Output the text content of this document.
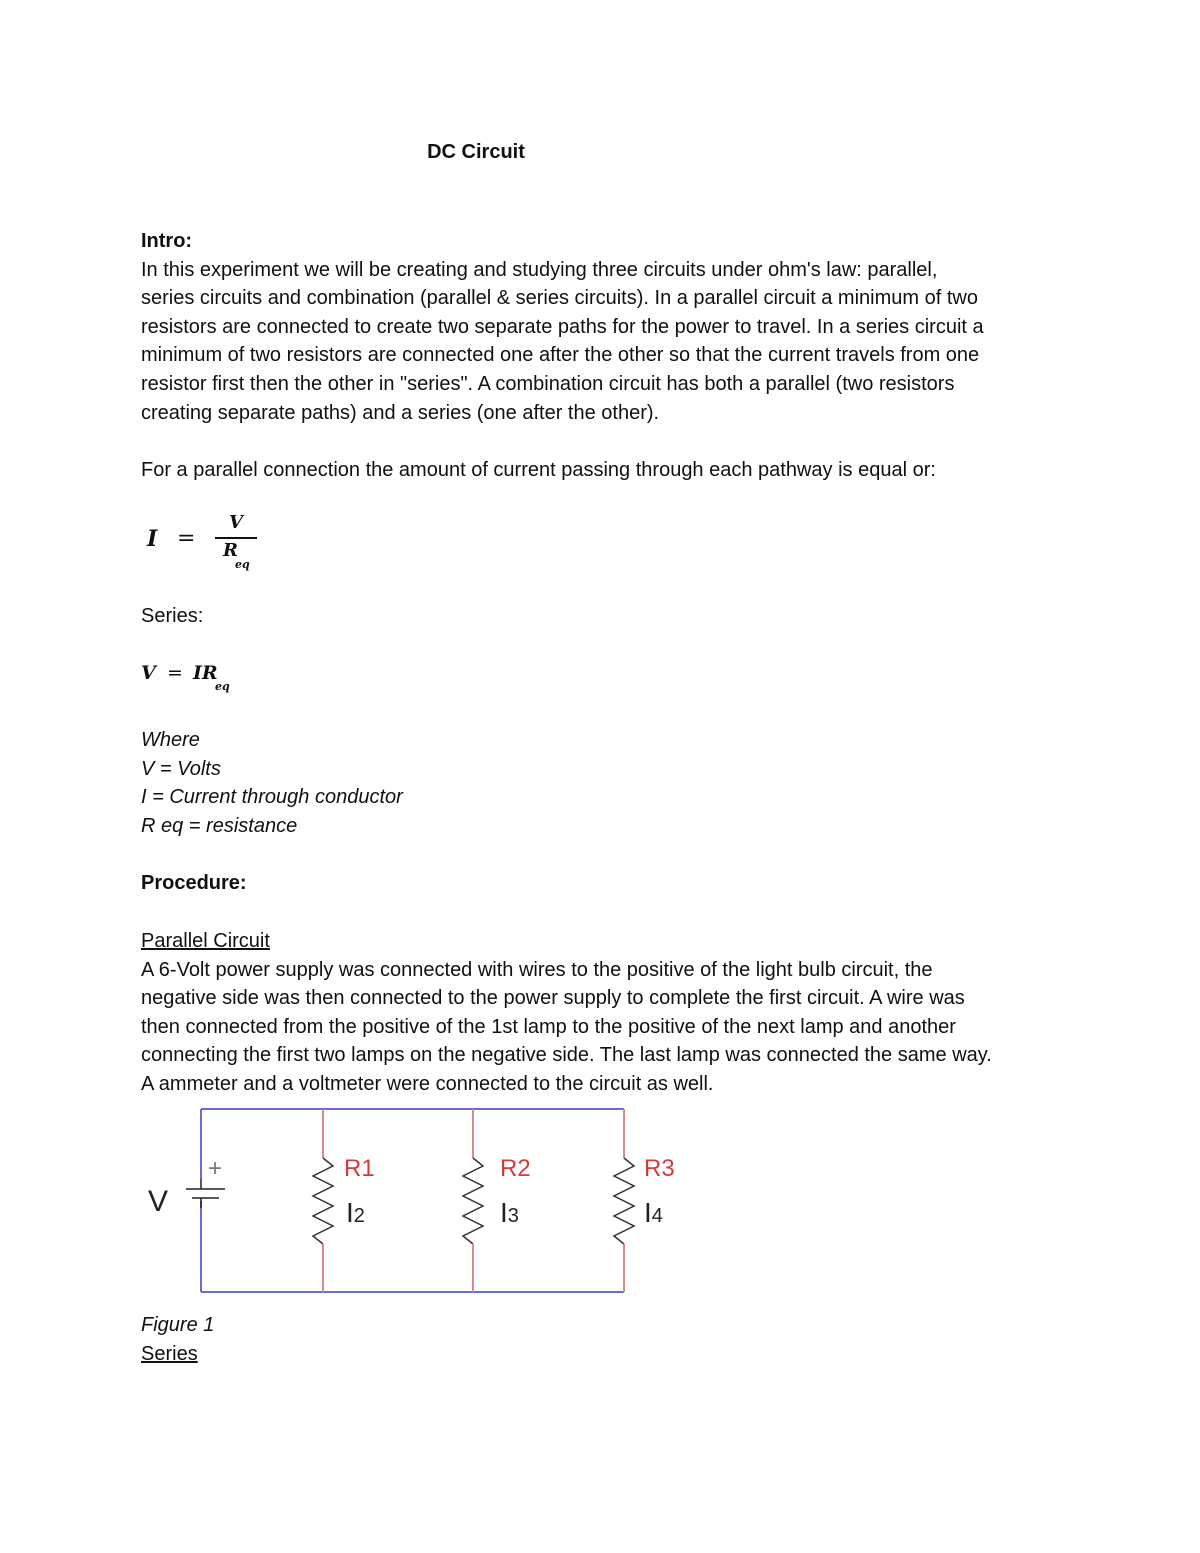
DC Circuit
Intro:
In this experiment we will be creating and studying three circuits under ohm's law: parallel,
series circuits and combination (parallel & series circuits). In a parallel circuit a minimum of two
resistors are connected to create two separate paths for the power to travel. In a series circuit a
minimum of two resistors are connected one after the other so that the current travels from one
resistor first then the other in "series". A combination circuit has both a parallel (two resistors
creating separate paths) and a series (one after the other).
For a parallel connection the amount of current passing through each pathway is equal or:
I =
V
R
eq
Series:
V = IR
eq
Where
V = Volts
I = Current through conductor
R eq = resistance
Procedure:
Parallel Circuit
A 6-Volt power supply was connected with wires to the positive of the light bulb circuit, the
negative side was then connected to the power supply to complete the first circuit. A wire was
then connected from the positive of the 1st lamp to the positive of the next lamp and another
connecting the first two lamps on the negative side. The last lamp was connected the same way.
A ammeter and a voltmeter were connected to the circuit as well.
+
V
R1
I2
R2
I3
R3
I4
Figure 1
Series
